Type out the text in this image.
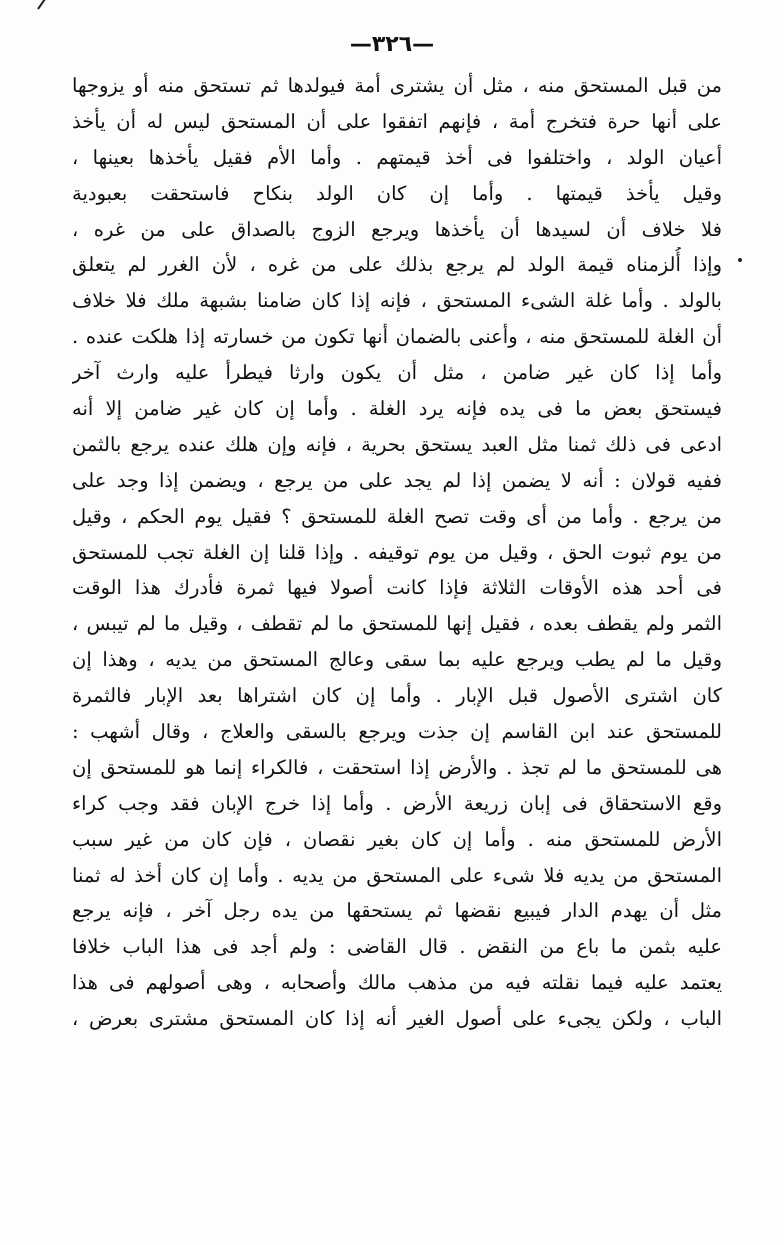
—٣٢٦—
من قبل المستحق منه ، مثل أن يشترى أمة فيولدها ثم تستحق منه أو يزوجها
على أنها حرة فتخرج أمة ، فإنهم اتفقوا على أن المستحق ليس له أن يأخذ
أعيان الولد ، واختلفوا فى أخذ قيمتهم . وأما الأم فقيل يأخذها بعينها ،
وقيل يأخذ قيمتها . وأما إن كان الولد بنكاح فاستحقت بعبودية
فلا خلاف أن لسيدها أن يأخذها ويرجع الزوج بالصداق على من غره ،
وإذا أُلزمناه قيمة الولد لم يرجع بذلك على من غره ، لأن الغرر لم يتعلق
بالولد . وأما غلة الشىء المستحق ، فإنه إذا كان ضامنا بشبهة ملك فلا خلاف
أن الغلة للمستحق منه ، وأعنى بالضمان أنها تكون من خسارته إذا هلكت عنده .
وأما إذا كان غير ضامن ، مثل أن يكون وارثا فيطرأ عليه وارث آخر
فيستحق بعض ما فى يده فإنه يرد الغلة . وأما إن كان غير ضامن إلا أنه
ادعى فى ذلك ثمنا مثل العبد يستحق بحرية ، فإنه وإن هلك عنده يرجع بالثمن
ففيه قولان : أنه لا يضمن إذا لم يجد على من يرجع ، ويضمن إذا وجد على
من يرجع . وأما من أى وقت تصح الغلة للمستحق ؟ فقيل يوم الحكم ، وقيل
من يوم ثبوت الحق ، وقيل من يوم توقيفه . وإذا قلنا إن الغلة تجب للمستحق
فى أحد هذه الأوقات الثلاثة فإذا كانت أصولا فيها ثمرة فأدرك هذا الوقت
الثمر ولم يقطف بعده ، فقيل إنها للمستحق ما لم تقطف ، وقيل ما لم تيبس ،
وقيل ما لم يطب ويرجع عليه بما سقى وعالج المستحق من يديه ، وهذا إن
كان اشترى الأصول قبل الإبار . وأما إن كان اشتراها بعد الإبار فالثمرة
للمستحق عند ابن القاسم إن جذت ويرجع بالسقى والعلاج ، وقال أشهب :
هى للمستحق ما لم تجذ . والأرض إذا استحقت ، فالكراء إنما هو للمستحق إن
وقع الاستحقاق فى إبان زريعة الأرض . وأما إذا خرج الإبان فقد وجب كراء
الأرض للمستحق منه . وأما إن كان بغير نقصان ، فإن كان من غير سبب
المستحق من يديه فلا شىء على المستحق من يديه . وأما إن كان أخذ له ثمنا
مثل أن يهدم الدار فيبيع نقضها ثم يستحقها من يده رجل آخر ، فإنه يرجع
عليه بثمن ما باع من النقض . قال القاضى : ولم أجد فى هذا الباب خلافا
يعتمد عليه فيما نقلته فيه من مذهب مالك وأصحابه ، وهى أصولهم فى هذا
الباب ، ولكن يجىء على أصول الغير أنه إذا كان المستحق مشترى بعرض ،
